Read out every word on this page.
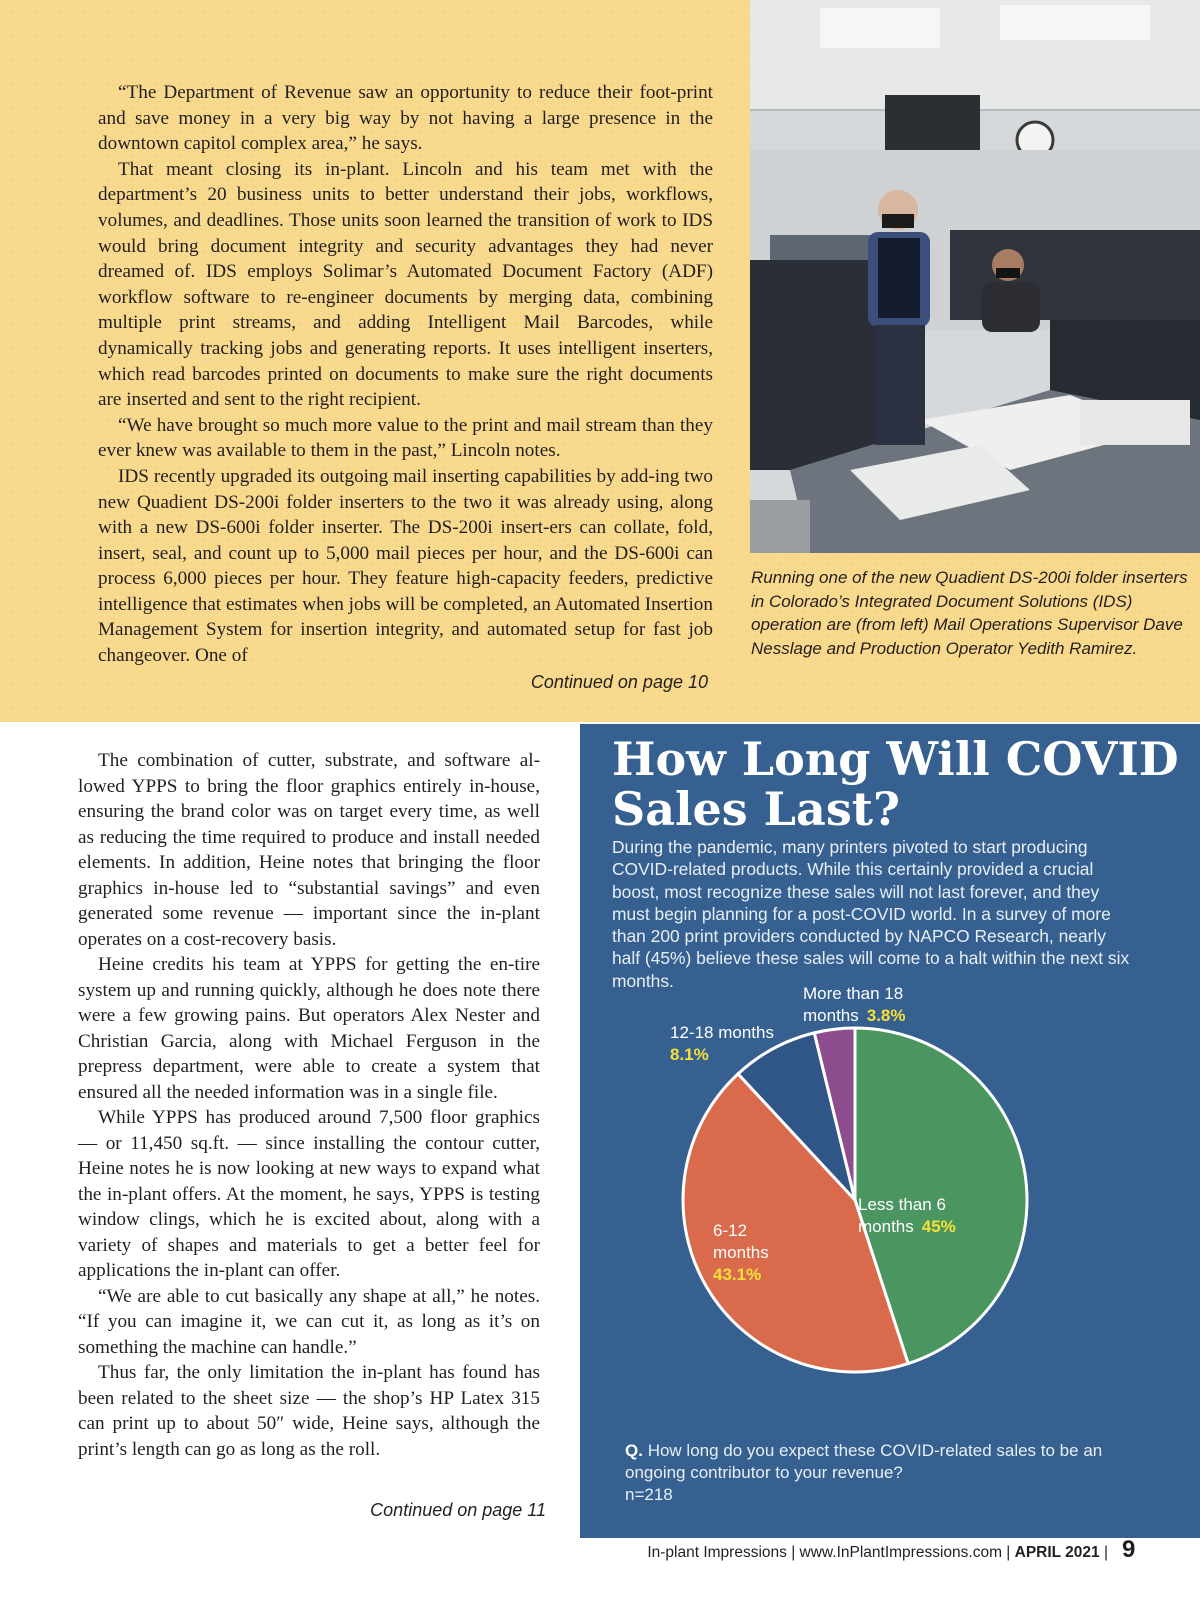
“The Department of Revenue saw an opportunity to reduce their foot-print and save money in a very big way by not having a large presence in the downtown capitol complex area,” he says.

That meant closing its in-plant. Lincoln and his team met with the department’s 20 business units to better understand their jobs, workflows, volumes, and deadlines. Those units soon learned the transition of work to IDS would bring document integrity and security advantages they had never dreamed of. IDS employs Solimar’s Automated Document Factory (ADF) workflow software to re-engineer documents by merging data, combining multiple print streams, and adding Intelligent Mail Barcodes, while dynamically tracking jobs and generating reports. It uses intelligent inserters, which read barcodes printed on documents to make sure the right documents are inserted and sent to the right recipient.

“We have brought so much more value to the print and mail stream than they ever knew was available to them in the past,” Lincoln notes.

IDS recently upgraded its outgoing mail inserting capabilities by add-ing two new Quadient DS-200i folder inserters to the two it was already using, along with a new DS-600i folder inserter. The DS-200i insert-ers can collate, fold, insert, seal, and count up to 5,000 mail pieces per hour, and the DS-600i can process 6,000 pieces per hour. They feature high-capacity feeders, predictive intelligence that estimates when jobs will be completed, an Automated Insertion Management System for insertion integrity, and automated setup for fast job changeover. One of

Continued on page 10
Running one of the new Quadient DS-200i folder inserters in Colorado’s Integrated Document Solutions (IDS) operation are (from left) Mail Operations Supervisor Dave Nesslage and Production Operator Yedith Ramirez.

The combination of cutter, substrate, and software al-lowed YPPS to bring the floor graphics entirely in-house, ensuring the brand color was on target every time, as well as reducing the time required to produce and install needed elements. In addition, Heine notes that bringing the floor graphics in-house led to “substantial savings” and even generated some revenue — important since the in-plant operates on a cost-recovery basis.

Heine credits his team at YPPS for getting the en-tire system up and running quickly, although he does note there were a few growing pains. But operators Alex Nester and Christian Garcia, along with Michael Ferguson in the prepress department, were able to create a system that ensured all the needed information was in a single file.

While YPPS has produced around 7,500 floor graphics — or 11,450 sq.ft. — since installing the contour cutter, Heine notes he is now looking at new ways to expand what the in-plant offers. At the moment, he says, YPPS is testing window clings, which he is excited about, along with a variety of shapes and materials to get a better feel for applications the in-plant can offer.

“We are able to cut basically any shape at all,” he notes. “If you can imagine it, we can cut it, as long as it’s on something the machine can handle.”

Thus far, the only limitation the in-plant has found has been related to the sheet size — the shop’s HP Latex 315 can print up to about 50″ wide, Heine says, although the print’s length can go as long as the roll.

Continued on page 11
How Long Will COVID Sales Last?
During the pandemic, many printers pivoted to start producing COVID-related products. While this certainly provided a crucial boost, most recognize these sales will not last forever, and they must begin planning for a post-COVID world. In a survey of more than 200 print providers conducted by NAPCO Research, nearly half (45%) believe these sales will come to a halt within the next six months.
Less than 6 months 45%
6-12 months 43.1%
12-18 months 8.1%
More than 18 months 3.8%
Q. How long do you expect these COVID-related sales to be an ongoing contributor to your revenue?
n=218
In-plant Impressions | www.InPlantImpressions.com | APRIL 2021 | 9
